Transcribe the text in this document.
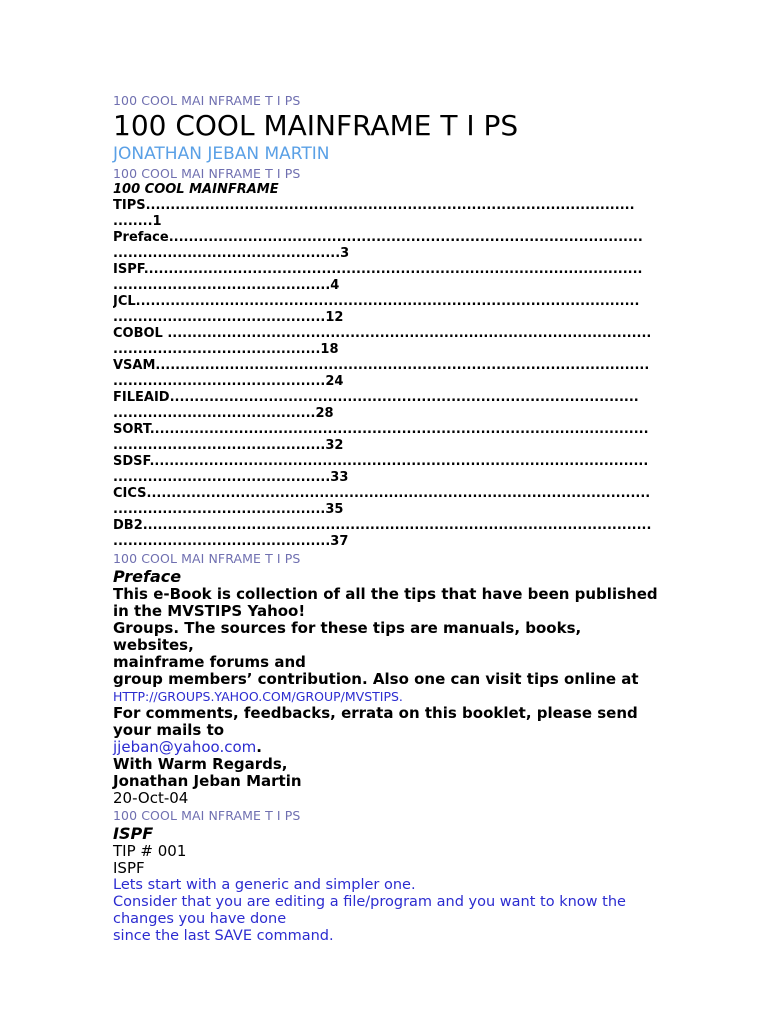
100 COOL MAI NFRAME T I PS

100 COOL MAINFRAME T I PS

JONATHAN JEBAN MARTIN

100 COOL MAI NFRAME T I PS

100 COOL MAINFRAME

TIPS...................................................................................................

........1

Preface................................................................................................

..............................................3

ISPF.....................................................................................................

............................................4

JCL......................................................................................................

...........................................12

COBOL ..................................................................................................

..........................................18

VSAM....................................................................................................

...........................................24

FILEAID...............................................................................................

.........................................28

SORT.....................................................................................................

...........................................32

SDSF.....................................................................................................

............................................33

CICS......................................................................................................

...........................................35

DB2.......................................................................................................

............................................37

100 COOL MAI NFRAME T I PS

Preface

This e-Book is collection of all the tips that have been published

in the MVSTIPS Yahoo!

Groups. The sources for these tips are manuals, books, websites,

mainframe forums and

group members’ contribution. Also one can visit tips online at

HTTP://GROUPS.YAHOO.COM/GROUP/MVSTIPS.

For comments, feedbacks, errata on this booklet, please send

your mails to

jjeban@yahoo.com.

With Warm Regards,

Jonathan Jeban Martin

20-Oct-04

100 COOL MAI NFRAME T I PS

ISPF

TIP # 001

ISPF

Lets start with a generic and simpler one.

Consider that you are editing a file/program and you want to know the

changes you have done

since the last SAVE command.
